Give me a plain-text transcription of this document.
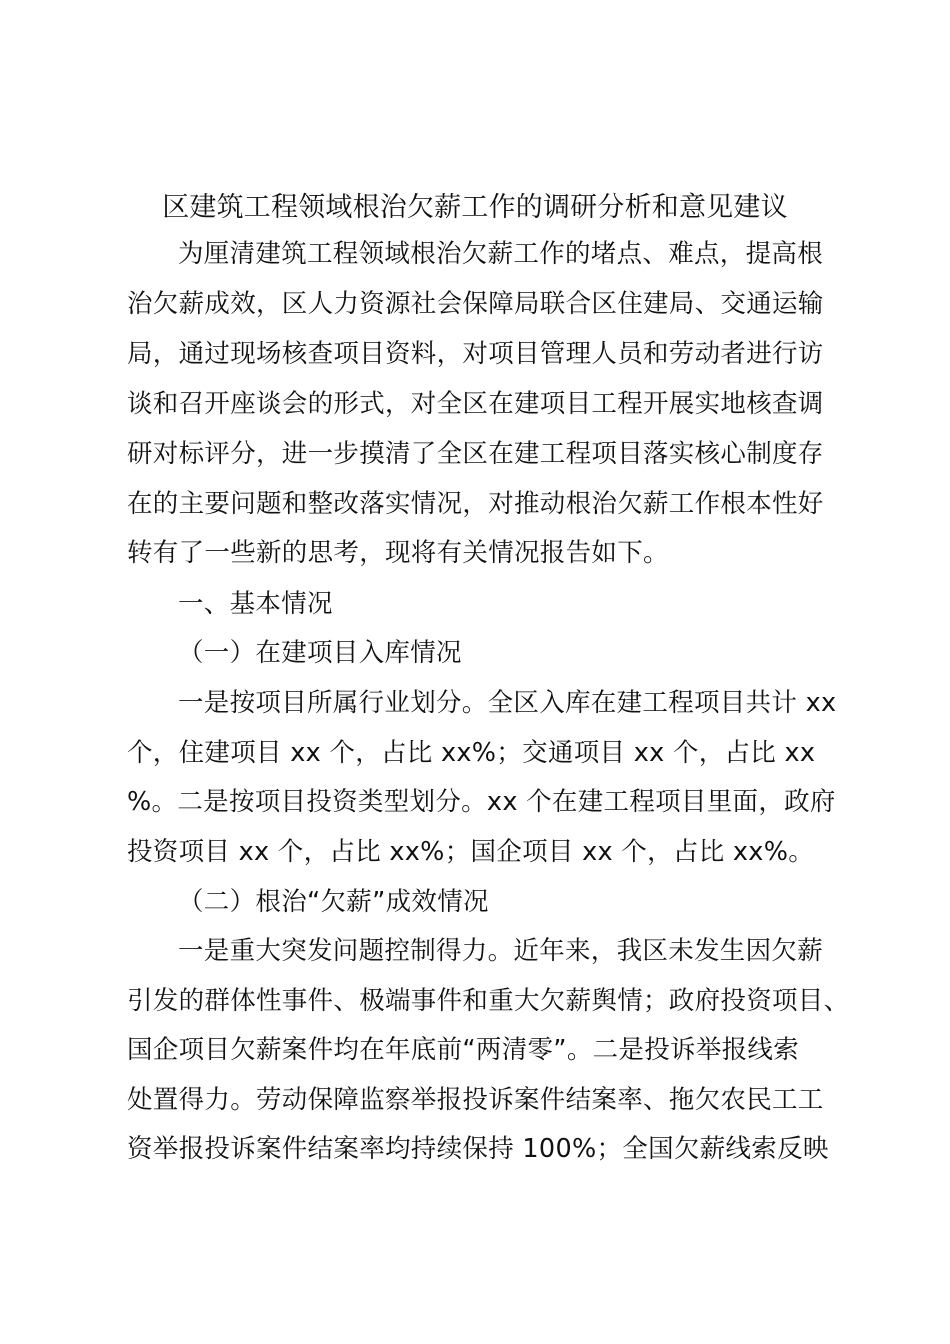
区建筑工程领域根治欠薪工作的调研分析和意见建议
为厘清建筑工程领域根治欠薪工作的堵点、难点，提高根
治欠薪成效，区人力资源社会保障局联合区住建局、交通运输
局，通过现场核查项目资料，对项目管理人员和劳动者进行访
谈和召开座谈会的形式，对全区在建项目工程开展实地核查调
研对标评分，进一步摸清了全区在建工程项目落实核心制度存
在的主要问题和整改落实情况，对推动根治欠薪工作根本性好
转有了一些新的思考，现将有关情况报告如下。
一、基本情况
（一）在建项目入库情况
一是按项目所属行业划分。全区入库在建工程项目共计 xx
个，住建项目 xx 个，占比 xx%；交通项目 xx 个，占比 xx
%。二是按项目投资类型划分。xx 个在建工程项目里面，政府
投资项目 xx 个，占比 xx%；国企项目 xx 个，占比 xx%。
（二）根治“欠薪”成效情况
一是重大突发问题控制得力。近年来，我区未发生因欠薪
引发的群体性事件、极端事件和重大欠薪舆情；政府投资项目、
国企项目欠薪案件均在年底前“两清零”。二是投诉举报线索
处置得力。劳动保障监察举报投诉案件结案率、拖欠农民工工
资举报投诉案件结案率均持续保持 100%；全国欠薪线索反映
